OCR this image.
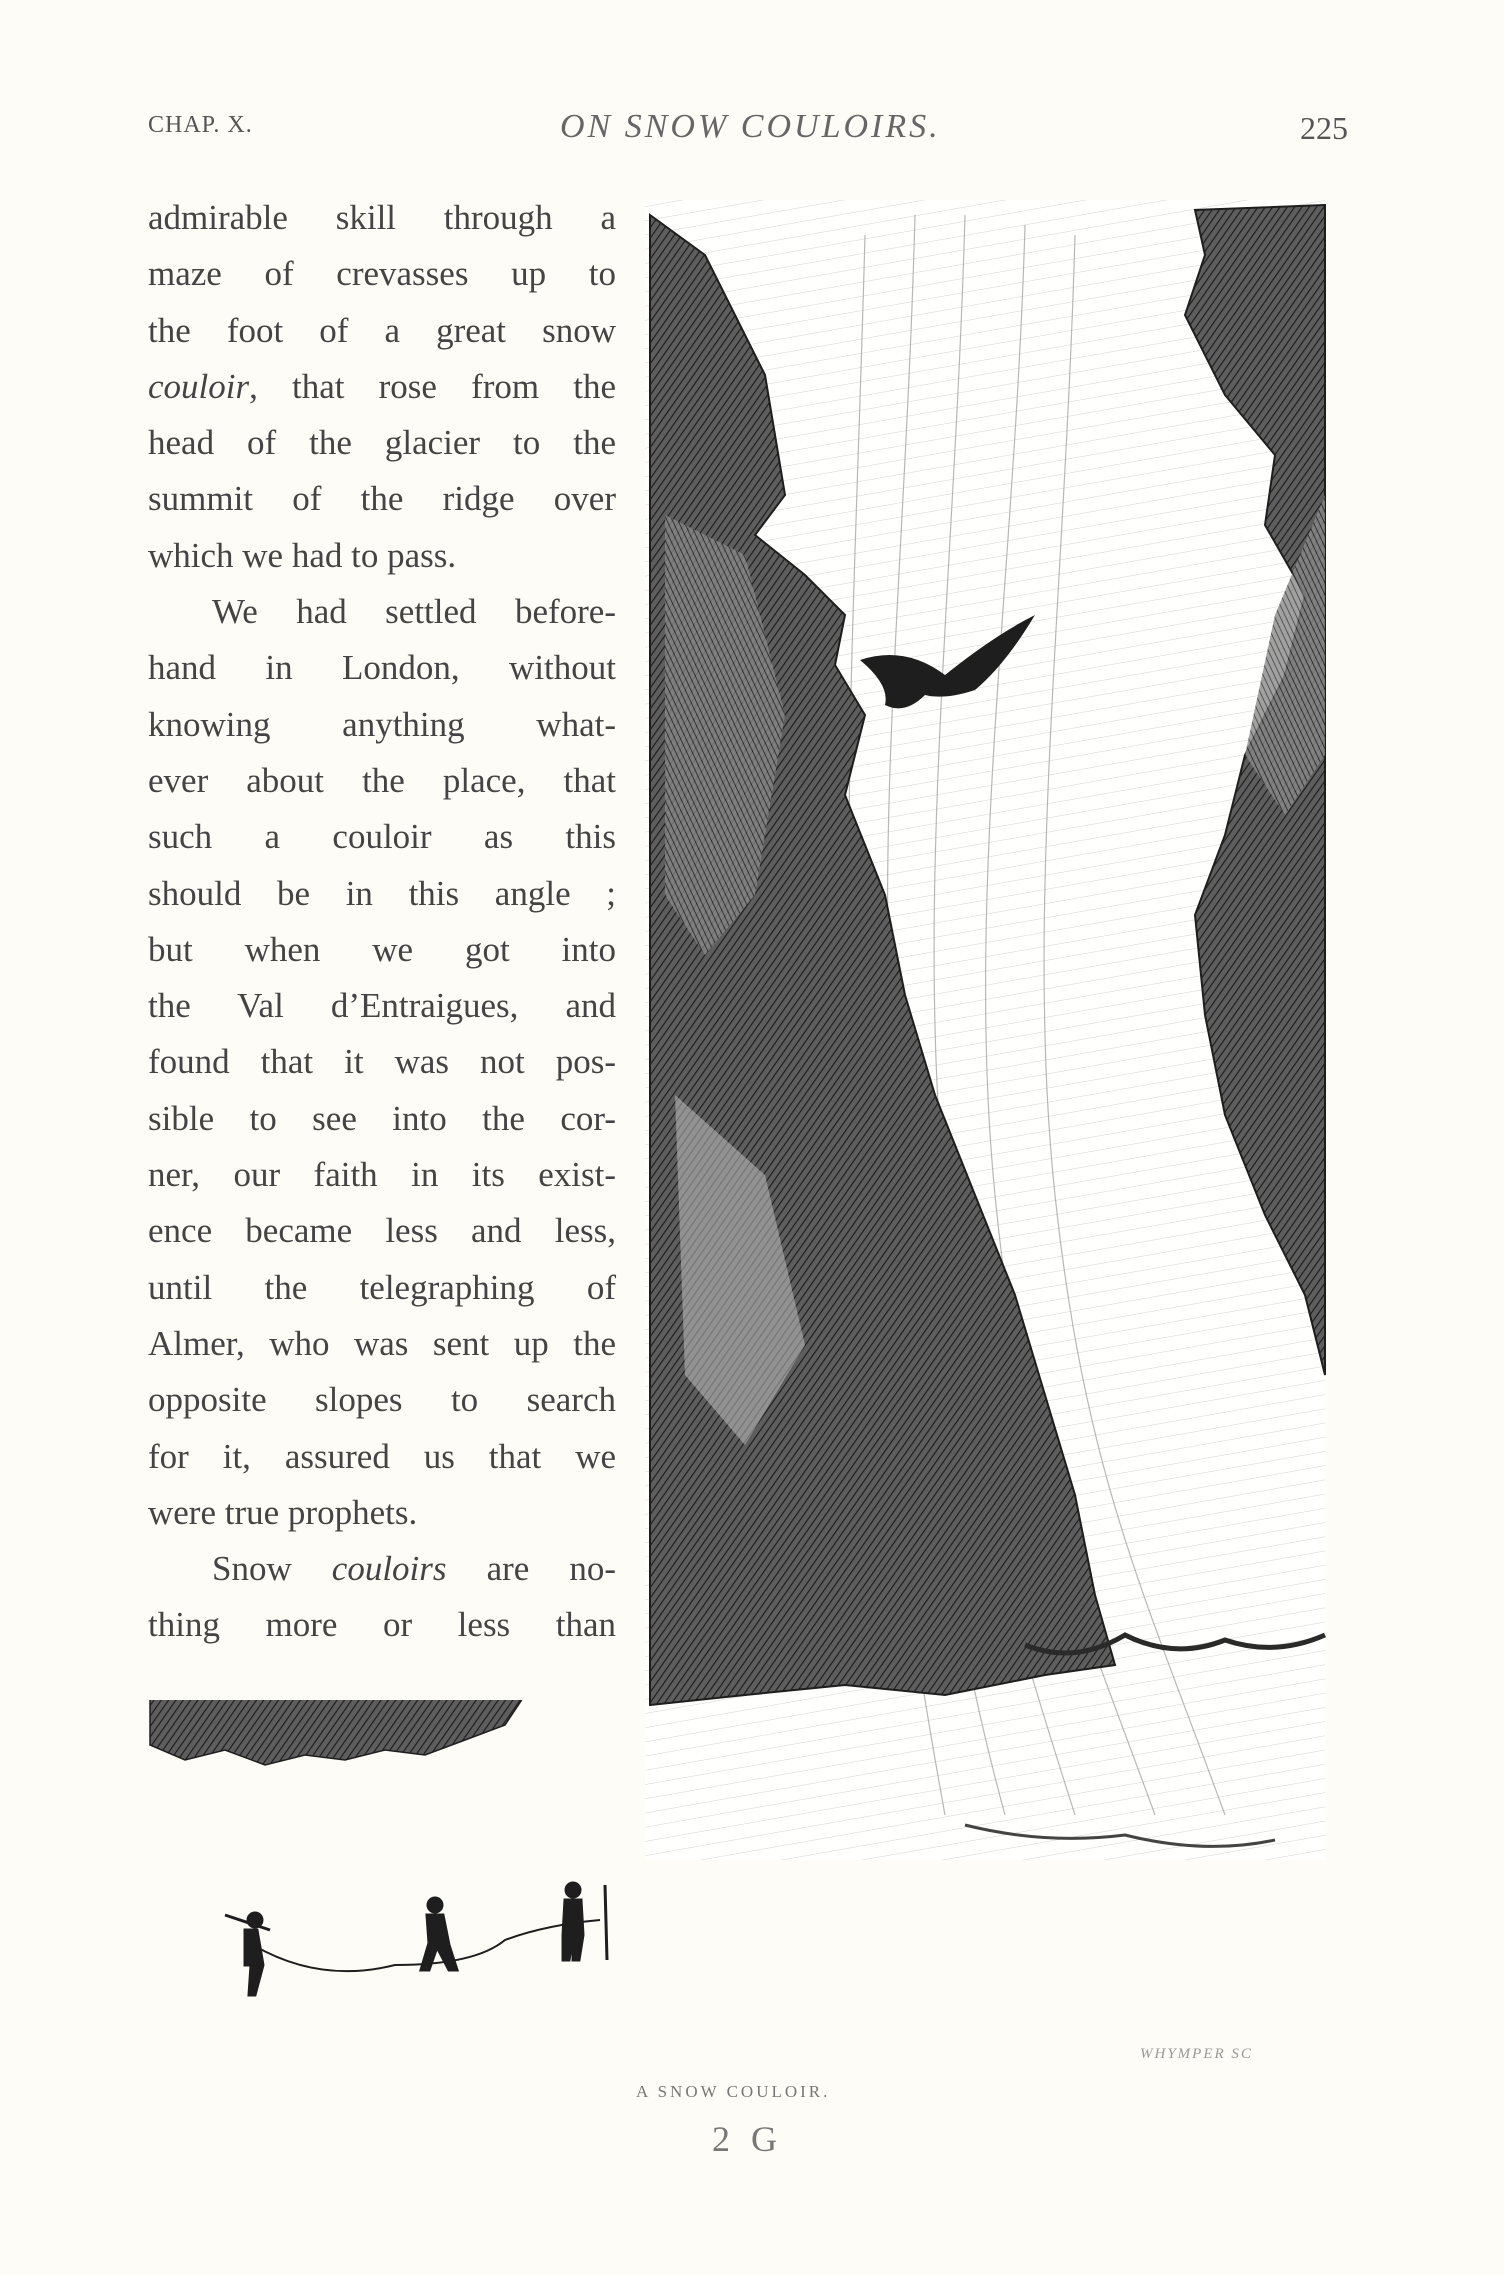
CHAP. X.	ON SNOW COULOIRS.	225
admirable skill through a
maze of crevasses up to
the foot of a great snow
couloir, that rose from the
head of the glacier to the
summit of the ridge over
which we had to pass.
We had settled before-
hand in London, without
knowing anything what-
ever about the place, that
such a couloir as this
should be in this angle ;
but when we got into
the Val d’Entraigues, and
found that it was not pos-
sible to see into the cor-
ner, our faith in its exist-
ence became less and less,
until the telegraphing of
Almer, who was sent up the
opposite slopes to search
for it, assured us that we
were true prophets.
Snow couloirs are no-
thing more or less than
WHYMPER SC
A SNOW COULOIR.
2 G
